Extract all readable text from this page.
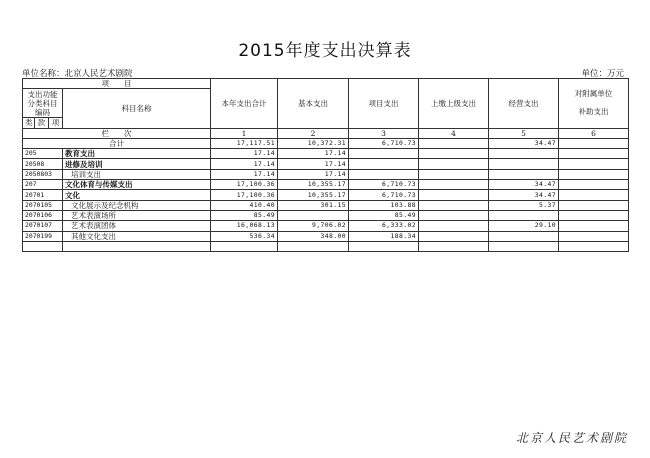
2015年度支出决算表
单位名称：北京人民艺术剧院	单位：万元
项　　目				本年支出合计	基本支出	项目支出	上缴上级支出	经营支出	对附属单位补助支出
支出功能分类科目编码			科目名称						

类	款	项							
栏　　次				1	2	3	4	5	6
合计				17,117.51	10,372.31	6,710.73		34.47	
205			教育支出	17.14	17.14				
20508			进修及培训	17.14	17.14				
2050803			培训支出	17.14	17.14				
207			文化体育与传媒支出	17,100.36	10,355.17	6,710.73		34.47	
20701			文化	17,100.36	10,355.17	6,710.73		34.47	
2070105			文化展示及纪念机构	410.40	301.15	103.88		5.37	
2070106			艺术表演场所	85.49		85.49			
2070107			艺术表演团体	16,068.13	9,706.02	6,333.02		29.10	
2070199			其他文化支出	536.34	348.00	188.34			

北京人民艺术剧院
